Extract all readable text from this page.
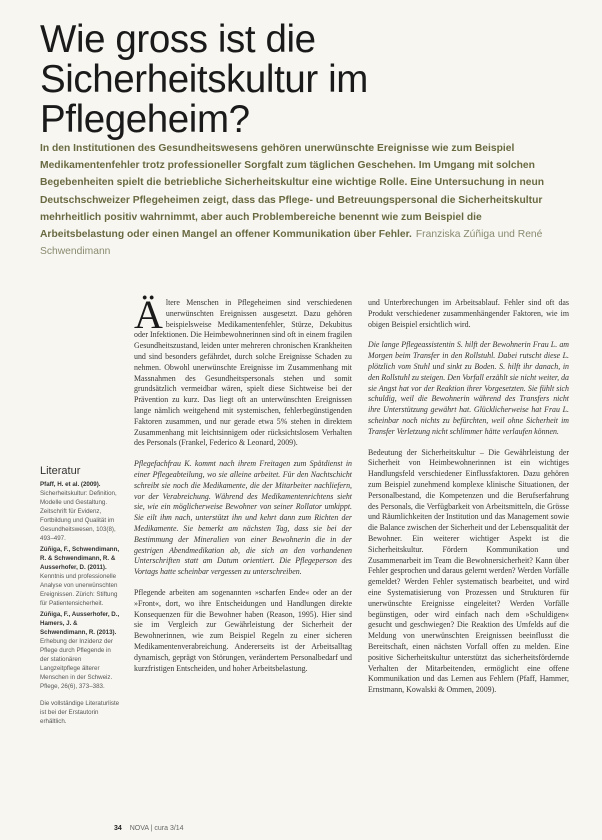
Wie gross ist die Sicherheitskultur im Pflegeheim?

In den Institutionen des Gesundheitswesens gehören unerwünschte Ereignisse wie zum Beispiel Medikamentenfehler trotz professioneller Sorgfalt zum täglichen Geschehen. Im Umgang mit solchen Begebenheiten spielt die betriebliche Sicherheitskultur eine wichtige Rolle. Eine Untersuchung in neun Deutschschweizer Pflegeheimen zeigt, dass das Pflege- und Betreuungspersonal die Sicherheitskultur mehrheitlich positiv wahrnimmt, aber auch Problembereiche benennt wie zum Beispiel die Arbeitsbelastung oder einen Mangel an offener Kommunikation über Fehler. Franziska Zúñiga und René Schwendimann

Literatur

Pfaff, H. et al. (2009). Sicherheitskultur: Definition, Modelle und Gestaltung. Zeitschrift für Evidenz, Fortbildung und Qualität im Gesundheitswesen, 103(8), 493–497.

Zúñiga, F., Schwendimann, R. & Schwendimann, R. & Ausserhofer, D. (2011). Kenntnis und professionelle Analyse von unerwünschten Ereignissen. Zürich: Stiftung für Patientensicherheit.

Zúñiga, F., Ausserhofer, D., Hamers, J. & Schwendimann, R. (2013). Erhebung der Inzidenz der Pflege durch Pflegende in der stationären Langzeitpflege älterer Menschen in der Schweiz. Pflege, 26(6), 373–383.

Die vollständige Literaturliste ist bei der Erstautorin erhältlich.

Ältere Menschen in Pflegeheimen sind verschiedenen unerwünschten Ereignissen ausgesetzt. Dazu gehören beispielsweise Medikamentenfehler, Stürze, Dekubitus oder Infektionen. Die Heimbewohnerinnen sind oft in einem fragilen Gesundheitszustand, leiden unter mehreren chronischen Krankheiten und sind besonders gefährdet, durch solche Ereignisse Schaden zu nehmen. Obwohl unerwünschte Ereignisse im Zusammenhang mit Massnahmen des Gesundheitspersonals stehen und somit grundsätzlich vermeidbar wären, spielt diese Sichtweise bei der Prävention zu kurz. Das liegt oft an unterwünschten Ereignissen lange nämlich weitgehend mit systemischen, fehlerbegünstigenden Faktoren zusammen, und nur gerade etwa 5% stehen in direktem Zusammenhang mit leichtsinnigem oder rücksichtslosem Verhalten des Personals (Frankel, Federico & Leonard, 2009).

Pflegefachfrau K. kommt nach ihrem Freitagen zum Spätdienst in einer Pflegeabteilung, wo sie alleine arbeitet. Für den Nachtschicht schreibt sie noch die Medikamente, die der Mitarbeiter nachliefern, vor der Verabreichung. Während des Medikamentenrichtens sieht sie, wie ein möglicherweise Bewohner von seiner Rollator umkippt. Sie eilt ihm nach, unterstützt ihn und kehrt dann zum Richten der Medikamente. Sie bemerkt am nächsten Tag, dass sie bei der Bestimmung der Mineralien von einer Bewohnerin die in der gestrigen Abendmedikation ab, die sich an den vorhandenen Unterschriften statt am Datum orientiert. Die Pflegeperson des Vortags hatte scheinbar vergessen zu unterschreiben.

Pflegende arbeiten am sogenannten »scharfen Ende« oder an der »Front«, dort, wo ihre Entscheidungen und Handlungen direkte Konsequenzen für die Bewohner haben (Reason, 1995). Hier sind sie im Vergleich zur Gewährleistung der Sicherheit der Bewohnerinnen, wie zum Beispiel Regeln zu einer sicheren Medikamentenverabreichung. Andererseits ist der Arbeitsalltag dynamisch, geprägt von Störungen, verändertem Personalbedarf und kurzfristigen Entscheiden, und hoher Arbeitsbelastung.

und Unterbrechungen im Arbeitsablauf. Fehler sind oft das Produkt verschiedener zusammenhängender Faktoren, wie im obigen Beispiel ersichtlich wird.

Die lange Pflegeassistentin S. hilft der Bewohnerin Frau L. am Morgen beim Transfer in den Rollstuhl. Dabei rutscht diese L. plötzlich vom Stuhl und sinkt zu Boden. S. hilft ihr danach, in den Rollstuhl zu steigen. Den Vorfall erzählt sie nicht weiter, da sie Angst hat vor der Reaktion ihrer Vorgesetzten. Sie fühlt sich schuldig, weil die Bewohnerin während des Transfers nicht ihre Unterstützung gewährt hat. Glücklicherweise hat Frau L. scheinbar noch nichts zu befürchten, weil ohne Sicherheit im Transfer Verletzung nicht schlimmer hätte verlaufen können.

Bedeutung der Sicherheitskultur – Die Gewährleistung der Sicherheit von Heimbewohnerinnen ist ein wichtiges Handlungsfeld verschiedener Einflussfaktoren. Dazu gehören zum Beispiel zunehmend komplexe klinische Situationen, der Personalbestand, die Kompetenzen und die Berufserfahrung des Personals, die Verfügbarkeit von Arbeitsmitteln, die Grösse und Räumlichkeiten der Institution und das Management sowie die Balance zwischen der Sicherheit und der Lebensqualität der Bewohner. Ein weiterer wichtiger Aspekt ist die Sicherheitskultur. Fördern Kommunikation und Zusammenarbeit im Team die Bewohnersicherheit? Kann über Fehler gesprochen und daraus gelernt werden? Werden Vorfälle gemeldet? Werden Fehler systematisch bearbeitet, und wird eine Systematisierung von Prozessen und Strukturen für unerwünschte Ereignisse eingeleitet? Werden Vorfälle begünstigen, oder wird einfach nach dem »Schuldigen« gesucht und geschwiegen? Die Reaktion des Umfelds auf die Meldung von unerwünschten Ereignissen beeinflusst die Bereitschaft, einen nächsten Vorfall offen zu melden. Eine positive Sicherheitskultur unterstützt das sicherheitsfördernde Verhalten der Mitarbeitenden, ermöglicht eine offene Kommunikation und das Lernen aus Fehlern (Pfaff, Hammer, Ernstmann, Kowalski & Ommen, 2009).

34 NOVA | cura 3/14
